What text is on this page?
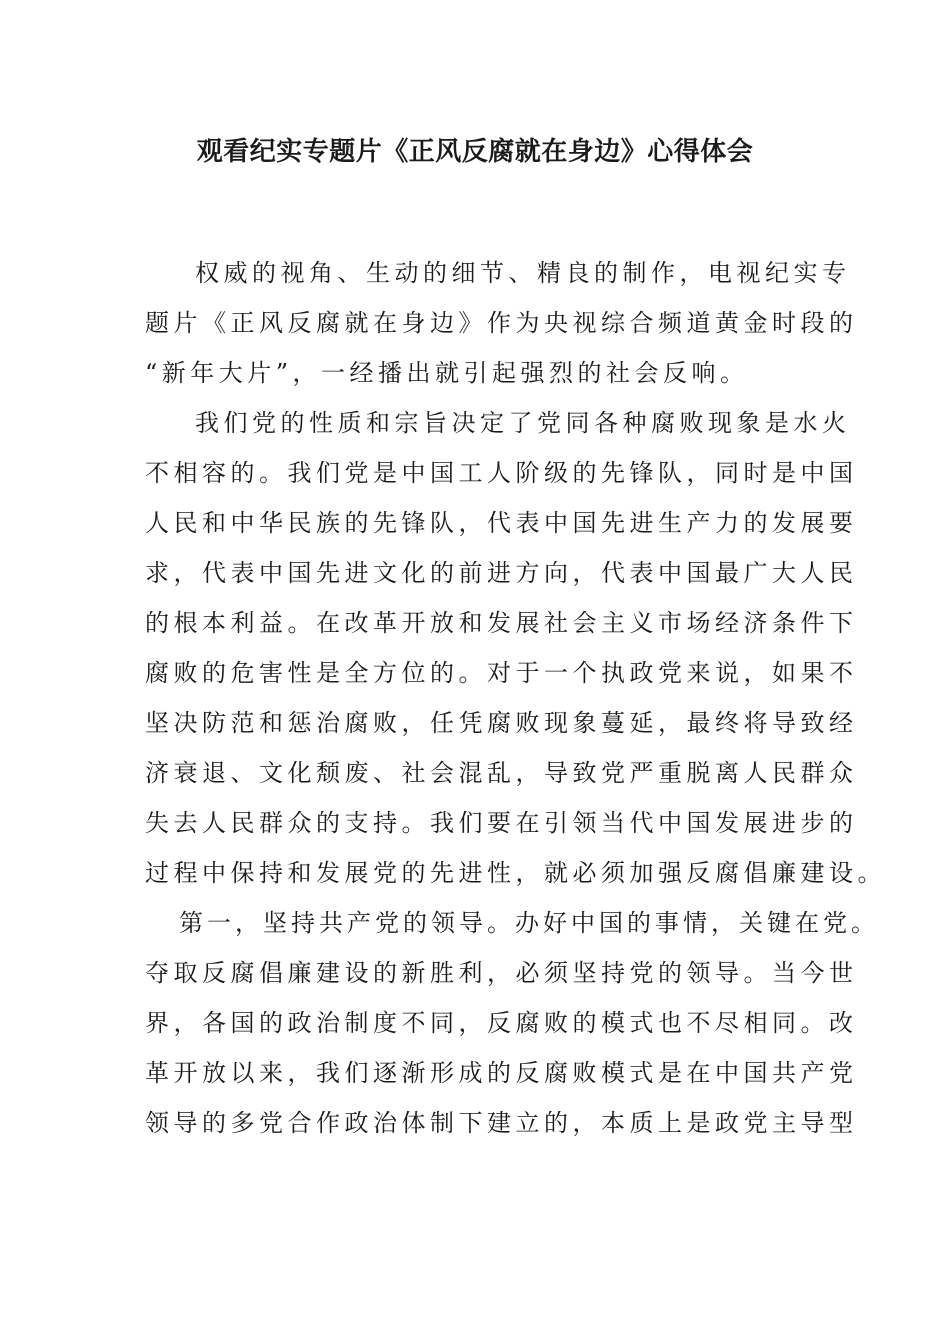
观看纪实专题片《正风反腐就在身边》心得体会
权威的视角、生动的细节、精良的制作，电视纪实专
题片《正风反腐就在身边》作为央视综合频道黄金时段的
“新年大片”，一经播出就引起强烈的社会反响。
我们党的性质和宗旨决定了党同各种腐败现象是水火
不相容的。我们党是中国工人阶级的先锋队，同时是中国
人民和中华民族的先锋队，代表中国先进生产力的发展要
求，代表中国先进文化的前进方向，代表中国最广大人民
的根本利益。在改革开放和发展社会主义市场经济条件下
腐败的危害性是全方位的。对于一个执政党来说，如果不
坚决防范和惩治腐败，任凭腐败现象蔓延，最终将导致经
济衰退、文化颓废、社会混乱，导致党严重脱离人民群众
失去人民群众的支持。我们要在引领当代中国发展进步的
过程中保持和发展党的先进性，就必须加强反腐倡廉建设。
第一，坚持共产党的领导。办好中国的事情，关键在党。
夺取反腐倡廉建设的新胜利，必须坚持党的领导。当今世
界，各国的政治制度不同，反腐败的模式也不尽相同。改
革开放以来，我们逐渐形成的反腐败模式是在中国共产党
领导的多党合作政治体制下建立的，本质上是政党主导型
